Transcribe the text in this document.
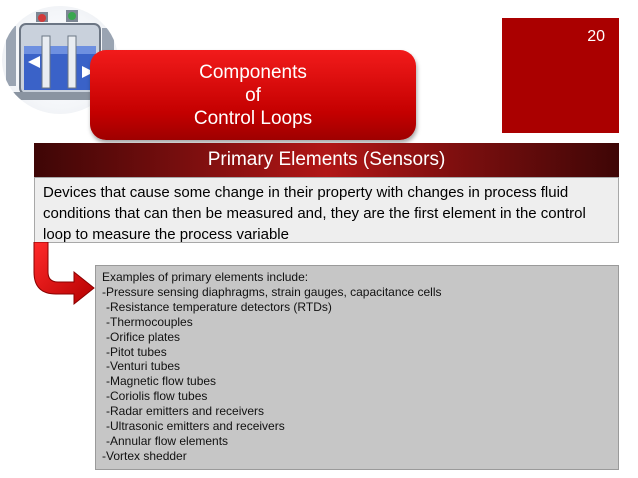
Components
of
Control Loops
20
Primary Elements (Sensors)
Devices that cause some change in their property with changes in process fluid conditions that can then be measured and, they are the first element in the control loop to measure the process variable
Examples of primary elements include:
-Pressure sensing diaphragms, strain gauges, capacitance cells
-Resistance temperature detectors (RTDs)
-Thermocouples
-Orifice plates
-Pitot tubes
-Venturi tubes
-Magnetic flow tubes
-Coriolis flow tubes
-Radar emitters and receivers
-Ultrasonic emitters and receivers
-Annular flow elements
-Vortex shedder
